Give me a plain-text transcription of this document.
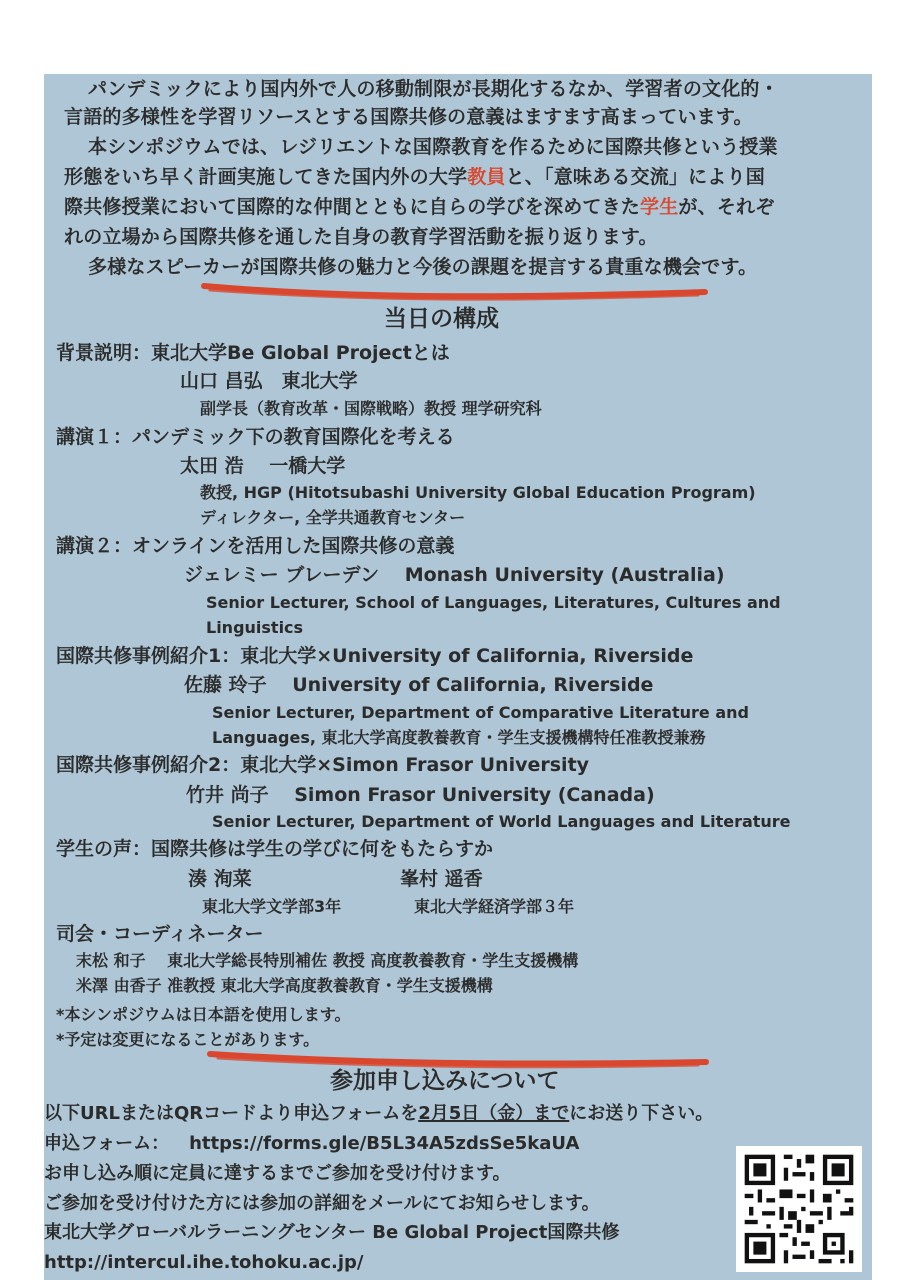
パンデミックにより国内外で人の移動制限が長期化するなか、学習者の文化的・
言語的多様性を学習リソースとする国際共修の意義はますます高まっています。
本シンポジウムでは、レジリエントな国際教育を作るために国際共修という授業
形態をいち早く計画実施してきた国内外の大学教員と、「意味ある交流」により国
際共修授業において国際的な仲間とともに自らの学びを深めてきた学生が、それぞ
れの立場から国際共修を通した自身の教育学習活動を振り返ります。
多様なスピーカーが国際共修の魅力と今後の課題を提言する貴重な機会です。
当日の構成
背景説明：東北大学Be Global Projectとは
山口 昌弘　東北大学
副学長（教育改革・国際戦略）教授 理学研究科
講演１：パンデミック下の教育国際化を考える
太田 浩　 一橋大学
教授, HGP (Hitotsubashi University Global Education Program)
ディレクター, 全学共通教育センター
講演２：オンラインを活用した国際共修の意義
ジェレミー ブレーデン　 Monash University (Australia)
Senior Lecturer, School of Languages, Literatures, Cultures and
Linguistics
国際共修事例紹介1：東北大学×University of California, Riverside
佐藤 玲子　 University of California, Riverside
Senior Lecturer, Department of Comparative Literature and
Languages, 東北大学高度教養教育・学生支援機構特任准教授兼務
国際共修事例紹介2：東北大学×Simon Frasor University
竹井 尚子　 Simon Frasor University (Canada)
Senior Lecturer, Department of World Languages and Literature
学生の声：国際共修は学生の学びに何をもたらすか
湊 洵菜	峯村 遥香
東北大学文学部3年	東北大学経済学部３年
司会・コーディネーター
末松 和子　 東北大学総長特別補佐 教授 高度教養教育・学生支援機構
米澤 由香子 准教授 東北大学高度教養教育・学生支援機構
*本シンポジウムは日本語を使用します。
*予定は変更になることがあります。
参加申し込みについて
以下URLまたはQRコードより申込フォームを2月5日（金）までにお送り下さい。
申込フォーム： https://forms.gle/B5L34A5zdsSe5kaUA
お申し込み順に定員に達するまでご参加を受け付けます。
ご参加を受け付けた方には参加の詳細をメールにてお知らせします。
東北大学グローバルラーニングセンター Be Global Project国際共修
http://intercul.ihe.tohoku.ac.jp/
